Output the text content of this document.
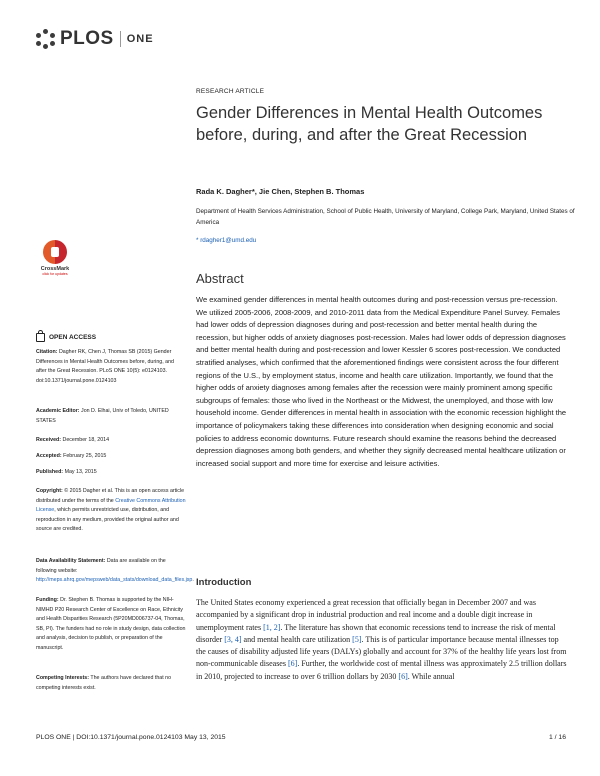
PLOS ONE
RESEARCH ARTICLE
Gender Differences in Mental Health Outcomes before, during, and after the Great Recession
Rada K. Dagher*, Jie Chen, Stephen B. Thomas
Department of Health Services Administration, School of Public Health, University of Maryland, College Park, Maryland, United States of America
* rdagher1@umd.edu
CrossMark
click for updates
OPEN ACCESS
Citation: Dagher RK, Chen J, Thomas SB (2015) Gender Differences in Mental Health Outcomes before, during, and after the Great Recession. PLoS ONE 10(5): e0124103. doi:10.1371/journal.pone.0124103
Academic Editor: Jon D. Elhai, Univ of Toledo, UNITED STATES
Received: December 18, 2014
Accepted: February 25, 2015
Published: May 13, 2015
Copyright: © 2015 Dagher et al. This is an open access article distributed under the terms of the Creative Commons Attribution License, which permits unrestricted use, distribution, and reproduction in any medium, provided the original author and source are credited.
Data Availability Statement: Data are available on the following website: http://meps.ahrq.gov/mepsweb/data_stats/download_data_files.jsp.
Funding: Dr. Stephen B. Thomas is supported by the NIH-NIMHD P20 Research Center of Excellence on Race, Ethnicity and Health Disparities Research (5P20MD006737-04, Thomas, SB, PI). The funders had no role in study design, data collection and analysis, decision to publish, or preparation of the manuscript.
Competing Interests: The authors have declared that no competing interests exist.
Abstract
We examined gender differences in mental health outcomes during and post-recession versus pre-recession. We utilized 2005-2006, 2008-2009, and 2010-2011 data from the Medical Expenditure Panel Survey. Females had lower odds of depression diagnoses during and post-recession and better mental health during the recession, but higher odds of anxiety diagnoses post-recession. Males had lower odds of depression diagnoses and better mental health during and post-recession and lower Kessler 6 scores post-recession. We conducted stratified analyses, which confirmed that the aforementioned findings were consistent across the four different regions of the U.S., by employment status, income and health care utilization. Importantly, we found that the higher odds of anxiety diagnoses among females after the recession were mainly prominent among specific subgroups of females: those who lived in the Northeast or the Midwest, the unemployed, and those with low household income. Gender differences in mental health in association with the economic recession highlight the importance of policymakers taking these differences into consideration when designing economic and social policies to address economic downturns. Future research should examine the reasons behind the decreased depression diagnoses among both genders, and whether they signify decreased mental healthcare utilization or increased social support and more time for exercise and leisure activities.
Introduction
The United States economy experienced a great recession that officially began in December 2007 and was accompanied by a significant drop in industrial production and real income and a double digit increase in unemployment rates [1, 2]. The literature has shown that economic recessions tend to increase the risk of mental disorder [3, 4] and mental health care utilization [5]. This is of particular importance because mental illnesses top the causes of disability adjusted life years (DALYs) globally and account for 37% of the healthy life years lost from non-communicable diseases [6]. Further, the worldwide cost of mental illness was approximately 2.5 trillion dollars in 2010, projected to increase to over 6 trillion dollars by 2030 [6]. While annual
PLOS ONE | DOI:10.1371/journal.pone.0124103 May 13, 2015	1 / 16
